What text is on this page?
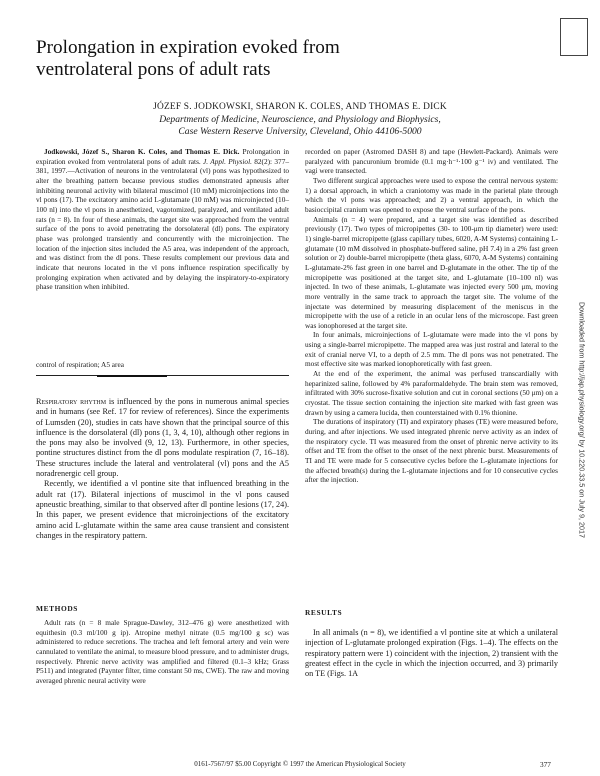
Prolongation in expiration evoked from
ventrolateral pons of adult rats
JÓZEF S. JODKOWSKI, SHARON K. COLES, AND THOMAS E. DICK
Departments of Medicine, Neuroscience, and Physiology and Biophysics,
Case Western Reserve University, Cleveland, Ohio 44106-5000

Jodkowski, Józef S., Sharon K. Coles, and Thomas E. Dick. Prolongation in expiration evoked from ventrolateral pons of adult rats. J. Appl. Physiol. 82(2): 377–381, 1997.—Activation of neurons in the ventrolateral (vl) pons was hypothesized to alter the breathing pattern because previous studies demonstrated apneusis after inhibiting neuronal activity with bilateral muscimol (10 mM) microinjections into the vl pons (17). The excitatory amino acid L-glutamate (10 mM) was microinjected (10–100 nl) into the vl pons in anesthetized, vagotomized, paralyzed, and ventilated adult rats (n = 8). In four of these animals, the target site was approached from the ventral surface of the pons to avoid penetrating the dorsolateral (dl) pons. The expiratory phase was prolonged transiently and concurrently with the microinjection. The location of the injection sites included the A5 area, was independent of the approach, and was distinct from the dl pons. These results complement our previous data and indicate that neurons located in the vl pons influence respiration specifically by prolonging expiration when activated and by delaying the inspiratory-to-expiratory phase transition when inhibited.

control of respiration; A5 area

Respiratory rhythm is influenced by the pons in numerous animal species and in humans (see Ref. 17 for review of references). Since the experiments of Lumsden (20), studies in cats have shown that the principal source of this influence is the dorsolateral (dl) pons (1, 3, 4, 10), although other regions in the pons may also be involved (9, 12, 13). Furthermore, in other species, pontine structures distinct from the dl pons modulate respiration (7, 16–18). These structures include the lateral and ventrolateral (vl) pons and the A5 noradrenergic cell group.

Recently, we identified a vl pontine site that influenced breathing in the adult rat (17). Bilateral injections of muscimol in the vl pons caused apneustic breathing, similar to that observed after dl pontine lesions (17, 24). In this paper, we present evidence that microinjections of the excitatory amino acid L-glutamate within the same area cause transient and consistent changes in the respiratory pattern.

METHODS

Adult rats (n = 8 male Sprague-Dawley, 312–476 g) were anesthetized with equithesin (0.3 ml/100 g ip). Atropine methyl nitrate (0.5 mg/100 g sc) was administered to reduce secretions. The trachea and left femoral artery and vein were cannulated to ventilate the animal, to measure blood pressure, and to administer drugs, respectively. Phrenic nerve activity was amplified and filtered (0.1–3 kHz; Grass P511) and integrated (Paynter filter, time constant 50 ms, CWE). The raw and moving averaged phrenic neural activity were

recorded on paper (Astromed DASH 8) and tape (Hewlett-Packard). Animals were paralyzed with pancuronium bromide (0.1 mg·h⁻¹·100 g⁻¹ iv) and ventilated. The vagi were transected.

Two different surgical approaches were used to expose the central nervous system: 1) a dorsal approach, in which a craniotomy was made in the parietal plate through which the vl pons was approached; and 2) a ventral approach, in which the basioccipital cranium was opened to expose the ventral surface of the pons.

Animals (n = 4) were prepared, and a target site was identified as described previously (17). Two types of micropipettes (30- to 100-μm tip diameter) were used: 1) single-barrel micropipette (glass capillary tubes, 6020, A-M Systems) containing L-glutamate (10 mM dissolved in phosphate-buffered saline, pH 7.4) in a 2% fast green solution or 2) double-barrel micropipette (theta glass, 6070, A-M Systems) containing L-glutamate-2% fast green in one barrel and D-glutamate in the other. The tip of the micropipette was positioned at the target site, and L-glutamate (10–100 nl) was injected. In two of these animals, L-glutamate was injected every 500 μm, moving more ventrally in the same track to approach the target site. The volume of the injectate was determined by measuring displacement of the meniscus in the micropipette with the use of a reticle in an ocular lens of the microscope. Fast green was ionophoresed at the target site.

In four animals, microinjections of L-glutamate were made into the vl pons by using a single-barrel micropipette. The mapped area was just rostral and lateral to the exit of cranial nerve VI, to a depth of 2.5 mm. The dl pons was not penetrated. The most effective site was marked ionophoretically with fast green.

At the end of the experiment, the animal was perfused transcardially with heparinized saline, followed by 4% paraformaldehyde. The brain stem was removed, infiltrated with 30% sucrose-fixative solution and cut in coronal sections (50 μm) on a cryostat. The tissue section containing the injection site marked with fast green was drawn by using a camera lucida, then counterstained with 0.1% thionine.

The durations of inspiratory (TI) and expiratory phases (TE) were measured before, during, and after injections. We used integrated phrenic nerve activity as an index of the respiratory cycle. TI was measured from the onset of phrenic nerve activity to its offset and TE from the offset to the onset of the next phrenic burst. Measurements of TI and TE were made for 5 consecutive cycles before the L-glutamate injections for the affected breath(s) during the L-glutamate injections and for 10 consecutive cycles after the injection.

RESULTS

In all animals (n = 8), we identified a vl pontine site at which a unilateral injection of L-glutamate prolonged expiration (Figs. 1–4). The effects on the respiratory pattern were 1) coincident with the injection, 2) transient with the greatest effect in the cycle in which the injection occurred, and 3) primarily on TE (Figs. 1A

0161-7567/97 $5.00 Copyright © 1997 the American Physiological Society	377
Downloaded from http://jap.physiology.org/ by 10.220.33.5 on July 9, 2017
